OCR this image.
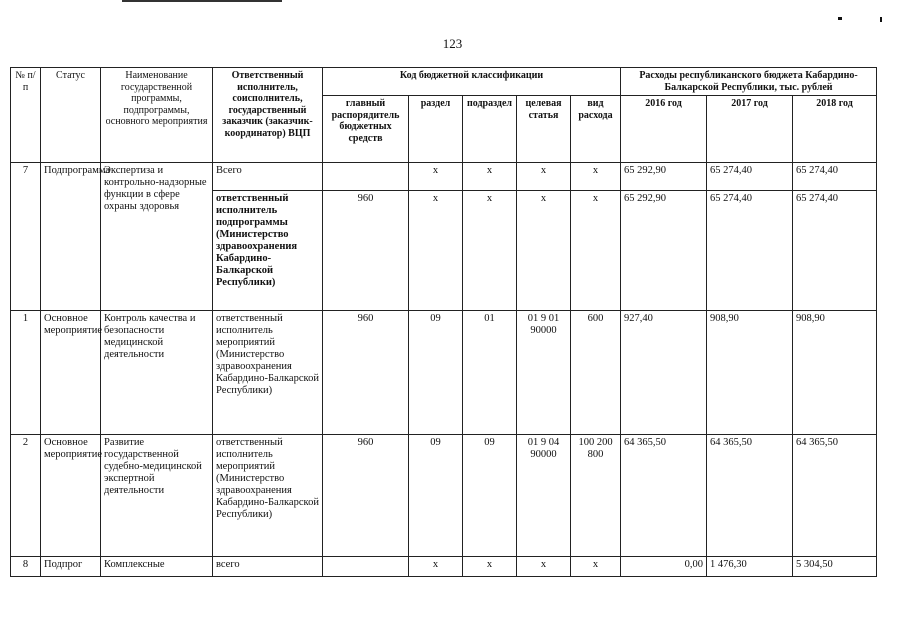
123
№ п/п	Статус	Наименование государственной программы, подпрограммы, основного мероприятия	Ответственный исполнитель, соисполнитель, государственный заказчик (заказчик-координатор) ВЦП	Код бюджетной классификации					Расходы республиканского бюджета Кабардино-Балкарской Республики, тыс. рублей		
				главный распорядитель бюджетных средств	раздел	подраздел	целевая статья	вид расхода	2016 год	2017 год	2018 год
7	Подпрограмма	Экспертиза и контрольно-надзорные функции в сфере охраны здоровья	Всего		x	x	x	x	65 292,90	65 274,40	65 274,40
			ответственный исполнитель подпрограммы (Министерство здравоохранения Кабардино-Балкарской Республики)	960	x	x	x	x	65 292,90	65 274,40	65 274,40
1	Основное мероприятие	Контроль качества и безопасности медицинской деятельности	ответственный исполнитель мероприятий (Министерство здравоохранения Кабардино-Балкарской Республики)	960	09	01	01 9 01 90000	600	927,40	908,90	908,90
2	Основное мероприятие	Развитие государственной судебно-медицинской экспертной деятельности	ответственный исполнитель мероприятий (Министерство здравоохранения Кабардино-Балкарской Республики)	960	09	09	01 9 04 90000	100 200 800	64 365,50	64 365,50	64 365,50
8	Подпрог	Комплексные	всего		x	x	x	x	0,00	1 476,30	5 304,50
